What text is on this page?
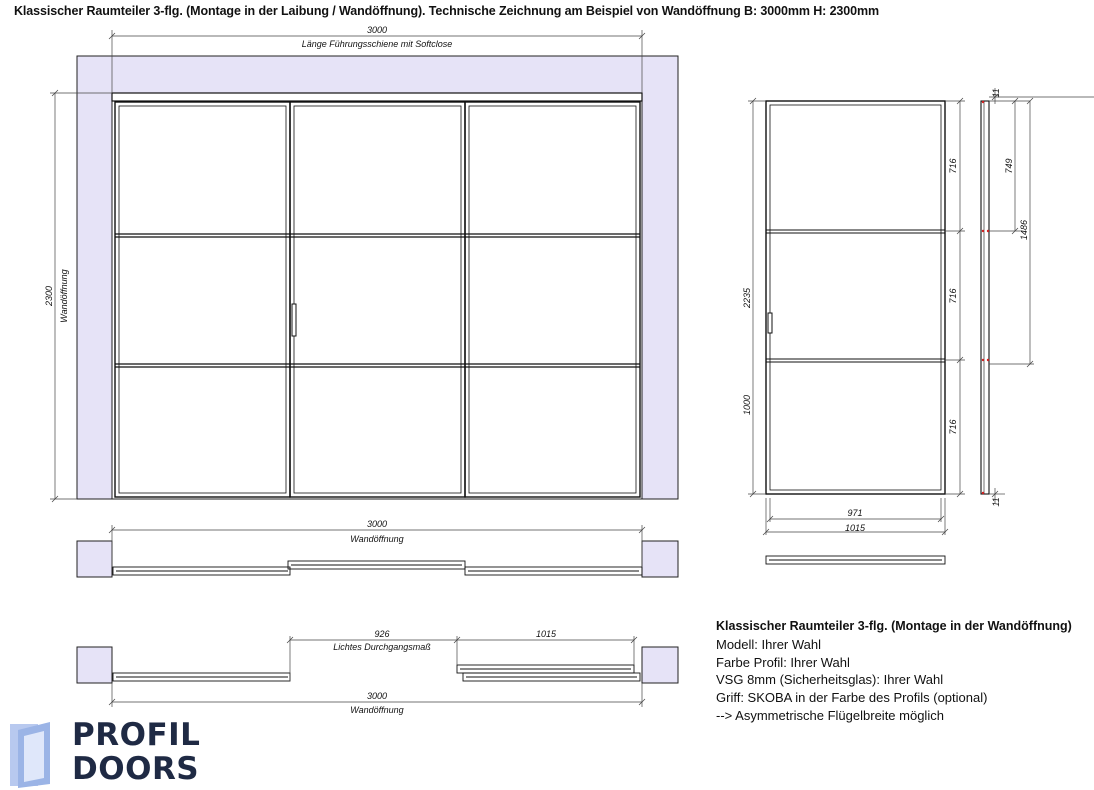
Klassischer Raumteiler 3-flg. (Montage in der Laibung / Wandöffnung). Technische Zeichnung am Beispiel von Wandöffnung B: 3000mm H: 2300mm
3000
Länge Führungsschiene mit Softclose
2300 Wandöffnung
3000
Wandöffnung
926
Lichtes Durchgangsmaß
1015
3000
Wandöffnung
2235
1000
716
716
716
971
1015
11
749
1486
11
Klassischer Raumteiler 3-flg. (Montage in der Wandöffnung)
Modell: Ihrer Wahl
Farbe Profil: Ihrer Wahl
VSG 8mm (Sicherheitsglas): Ihrer Wahl
Griff: SKOBA in der Farbe des Profils (optional)
--> Asymmetrische Flügelbreite möglich
PROFIL
DOORS
